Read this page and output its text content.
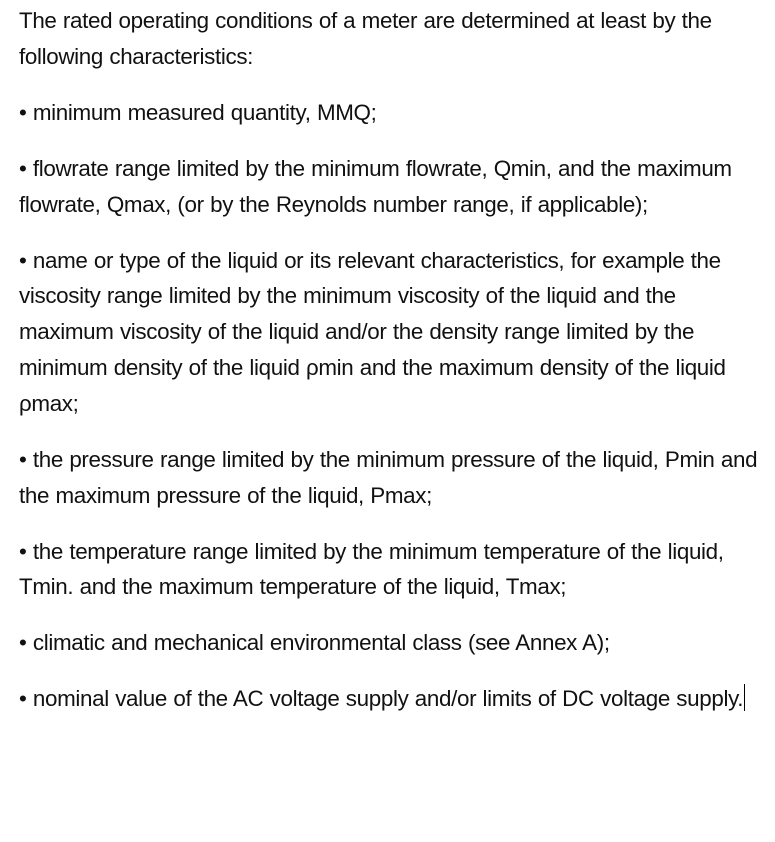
The rated operating conditions of a meter are determined at least by the following characteristics:

• minimum measured quantity, MMQ;

• flowrate range limited by the minimum flowrate, Qmin, and the maximum flowrate, Qmax, (or by the Reynolds number range, if applicable);

• name or type of the liquid or its relevant characteristics, for example the viscosity range limited by the minimum viscosity of the liquid and the maximum viscosity of the liquid and/or the density range limited by the minimum density of the liquid ρmin and the maximum density of the liquid ρmax;

• the pressure range limited by the minimum pressure of the liquid, Pmin and the maximum pressure of the liquid, Pmax;

• the temperature range limited by the minimum temperature of the liquid, Tmin. and the maximum temperature of the liquid, Tmax;

• climatic and mechanical environmental class (see Annex A);

• nominal value of the AC voltage supply and/or limits of DC voltage supply.
